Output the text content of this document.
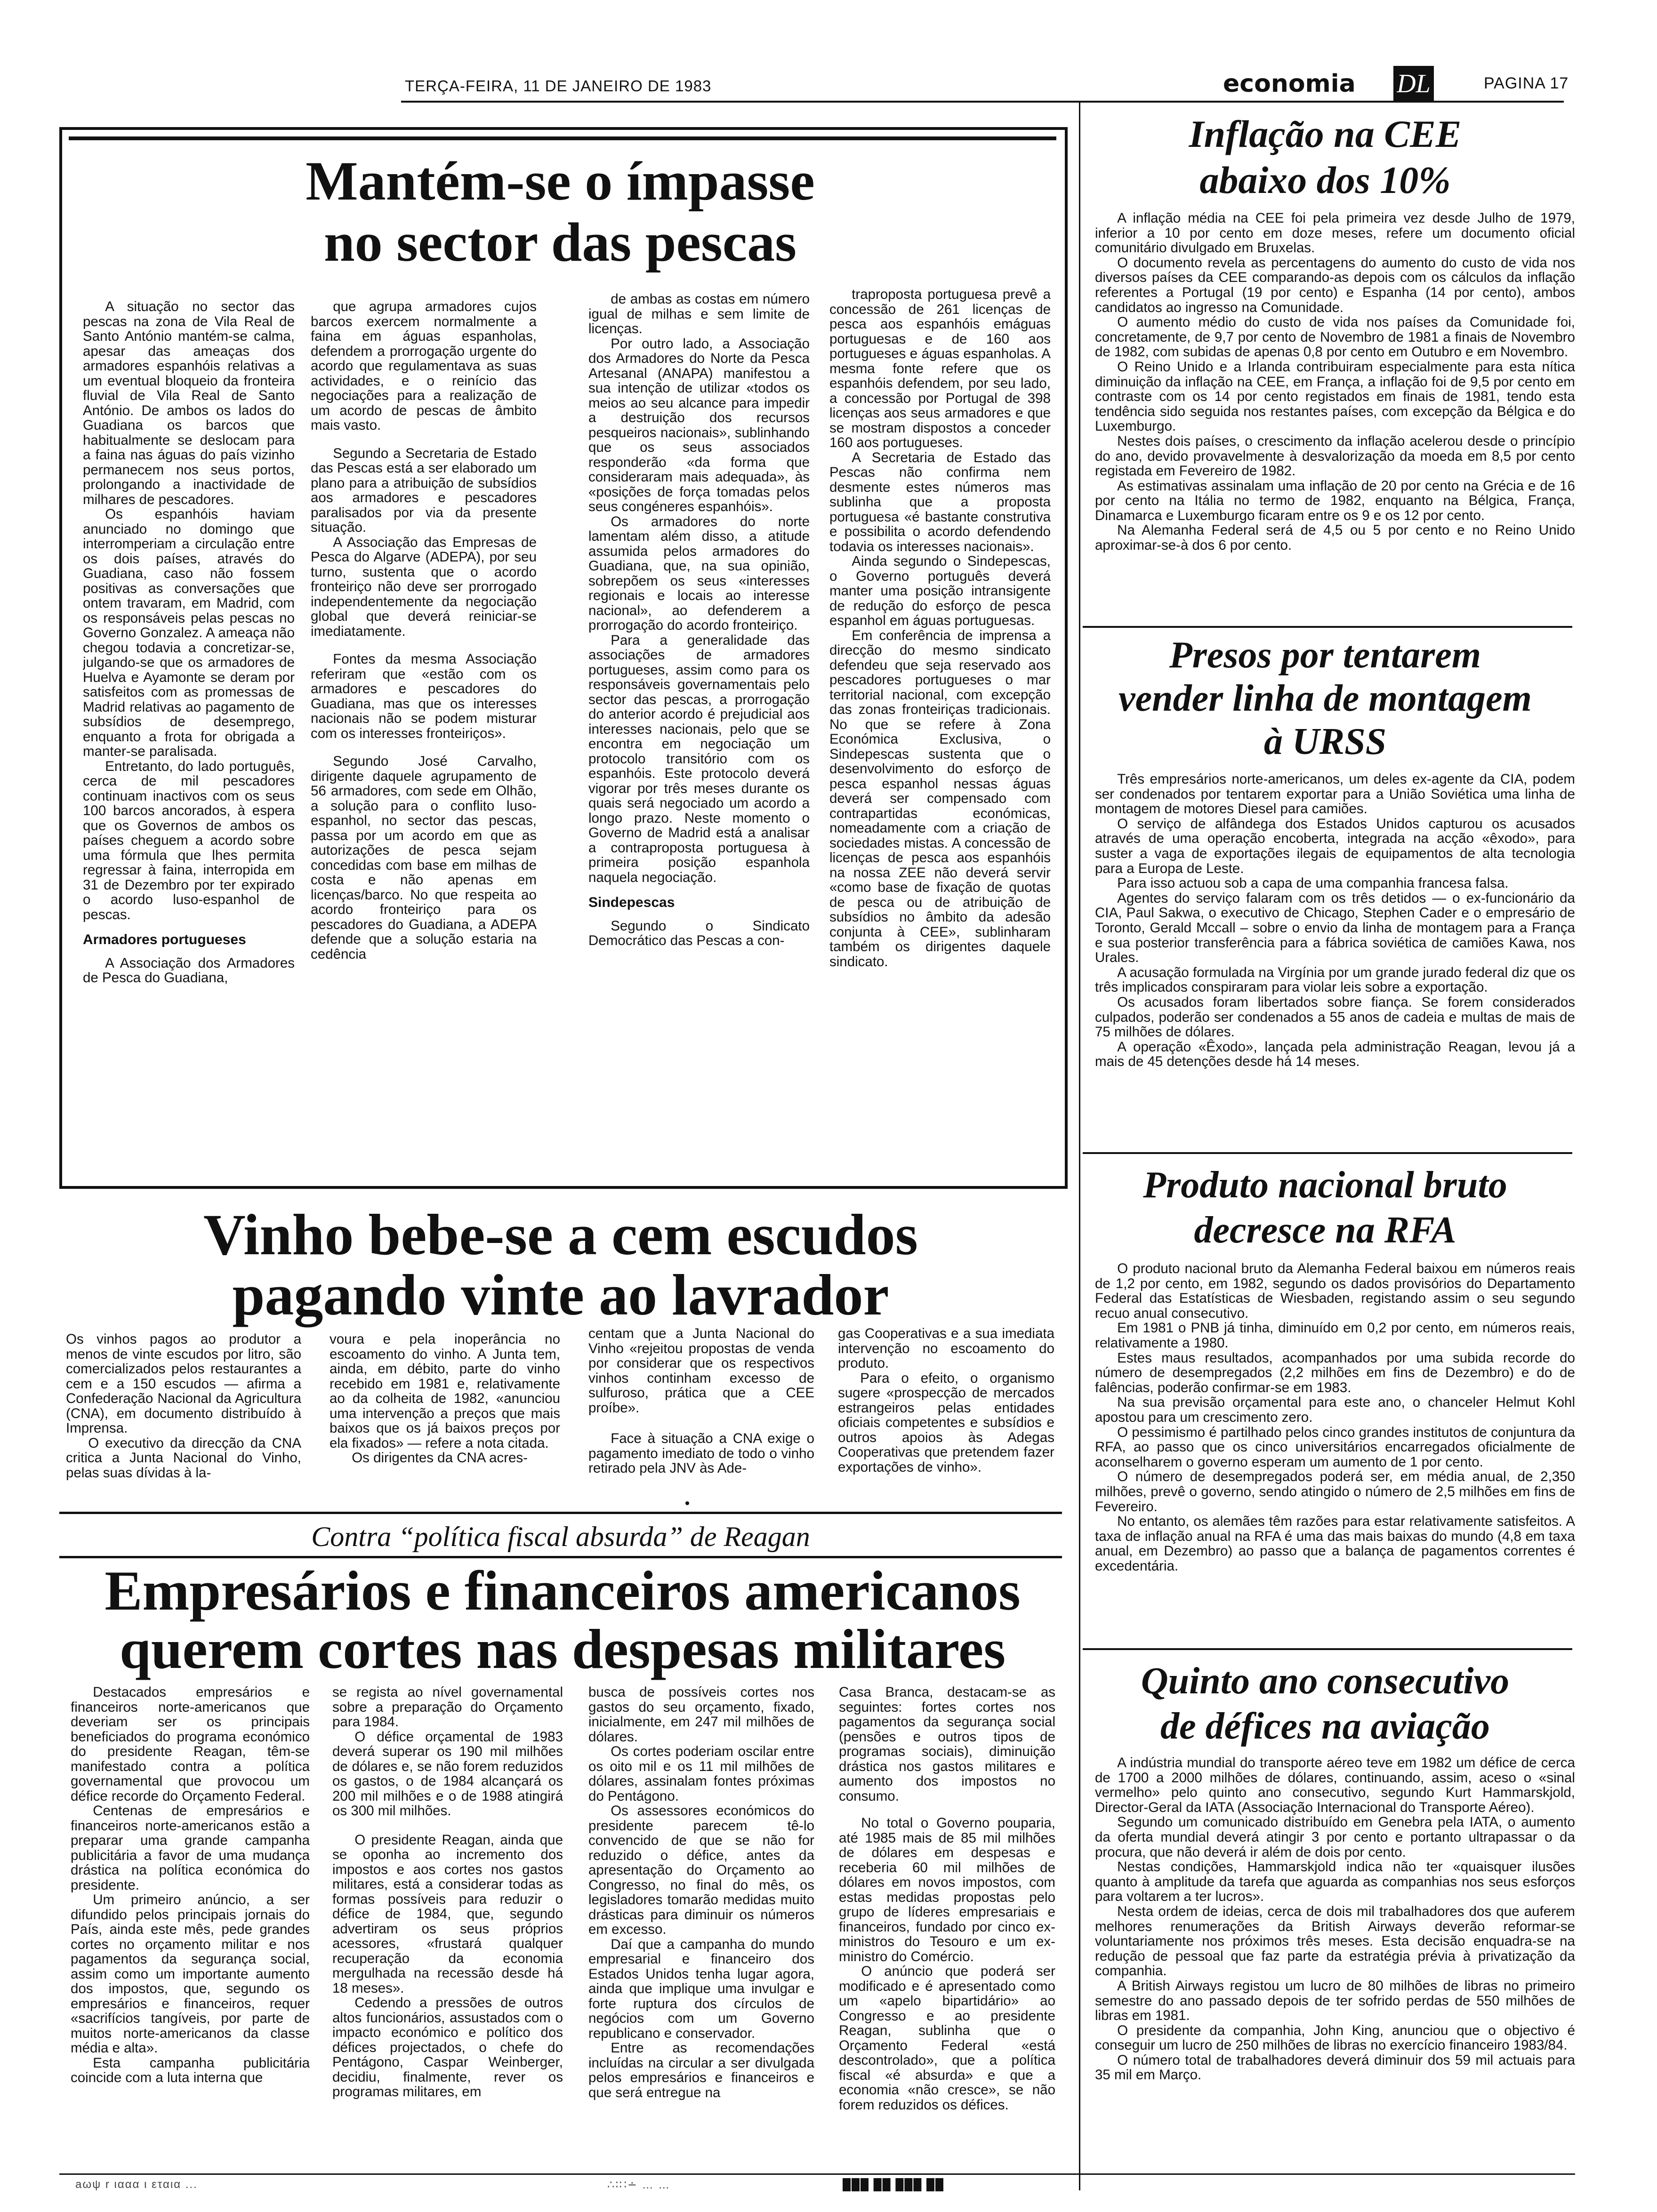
TERÇA-FEIRA, 11 DE JANEIRO DE 1983	economia DL	PAGINA 17
Mantém-se o ímpasse
no sector das pescas

A situação no sector das pescas na zona de Vila Real de Santo António mantém-se calma, apesar das ameaças dos armadores espanhóis relativas a um eventual bloqueio da fronteira fluvial de Vila Real de Santo António. De ambos os lados do Guadiana os barcos que habitualmente se deslocam para a faina nas águas do país vizinho permanecem nos seus portos, prolongando a inactividade de milhares de pescadores.

Os espanhóis haviam anunciado no domingo que interromperiam a circulação entre os dois países, através do Guadiana, caso não fossem positivas as conversações que ontem travaram, em Madrid, com os responsáveis pelas pescas no Governo Gonzalez. A ameaça não chegou todavia a concretizar-se, julgando-se que os armadores de Huelva e Ayamonte se deram por satisfeitos com as promessas de Madrid relativas ao pagamento de subsídios de desemprego, enquanto a frota for obrigada a manter-se paralisada.

Entretanto, do lado português, cerca de mil pescadores continuam inactivos com os seus 100 barcos ancorados, à espera que os Governos de ambos os países cheguem a acordo sobre uma fórmula que lhes permita regressar à faina, interropida em 31 de Dezembro por ter expirado o acordo luso-espanhol de pescas.

Armadores portugueses

A Associação dos Armadores de Pesca do Guadiana,

que agrupa armadores cujos barcos exercem normalmente a faina em águas espanholas, defendem a prorrogação urgente do acordo que regulamentava as suas actividades, e o reinício das negociações para a realização de um acordo de pescas de âmbito mais vasto.

Segundo a Secretaria de Estado das Pescas está a ser elaborado um plano para a atribuição de subsídios aos armadores e pescadores paralisados por via da presente situação.

A Associação das Empresas de Pesca do Algarve (ADEPA), por seu turno, sustenta que o acordo fronteiriço não deve ser prorrogado independentemente da negociação global que deverá reiniciar-se imediatamente.

Fontes da mesma Associação referiram que «estão com os armadores e pescadores do Guadiana, mas que os interesses nacionais não se podem misturar com os interesses fronteiriços».

Segundo José Carvalho, dirigente daquele agrupamento de 56 armadores, com sede em Olhão, a solução para o conflito luso-espanhol, no sector das pescas, passa por um acordo em que as autorizações de pesca sejam concedidas com base em milhas de costa e não apenas em licenças/barco. No que respeita ao acordo fronteiriço para os pescadores do Guadiana, a ADEPA defende que a solução estaria na cedência

de ambas as costas em número igual de milhas e sem limite de licenças.

Por outro lado, a Associação dos Armadores do Norte da Pesca Artesanal (ANAPA) manifestou a sua intenção de utilizar «todos os meios ao seu alcance para impedir a destruição dos recursos pesqueiros nacionais», sublinhando que os seus associados responderão «da forma que consideraram mais adequada», às «posições de força tomadas pelos seus congéneres espanhóis».

Os armadores do norte lamentam além disso, a atitude assumida pelos armadores do Guadiana, que, na sua opinião, sobrepõem os seus «interesses regionais e locais ao interesse nacional», ao defenderem a prorrogação do acordo fronteiriço.

Para a generalidade das associações de armadores portugueses, assim como para os responsáveis governamentais pelo sector das pescas, a prorrogação do anterior acordo é prejudicial aos interesses nacionais, pelo que se encontra em negociação um protocolo transitório com os espanhóis. Este protocolo deverá vigorar por três meses durante os quais será negociado um acordo a longo prazo. Neste momento o Governo de Madrid está a analisar a contraproposta portuguesa à primeira posição espanhola naquela negociação.

Sindepescas

Segundo o Sindicato Democrático das Pescas a con-

traproposta portuguesa prevê a concessão de 261 licenças de pesca aos espanhóis emáguas portuguesas e de 160 aos portugueses e águas espanholas. A mesma fonte refere que os espanhóis defendem, por seu lado, a concessão por Portugal de 398 licenças aos seus armadores e que se mostram dispostos a conceder 160 aos portugueses.

A Secretaria de Estado das Pescas não confirma nem desmente estes números mas sublinha que a proposta portuguesa «é bastante construtiva e possibilita o acordo defendendo todavia os interesses nacionais».

Ainda segundo o Sindepescas, o Governo português deverá manter uma posição intransigente de redução do esforço de pesca espanhol em águas portuguesas.

Em conferência de imprensa a direcção do mesmo sindicato defendeu que seja reservado aos pescadores portugueses o mar territorial nacional, com excepção das zonas fronteiriças tradicionais. No que se refere à Zona Económica Exclusiva, o Sindepescas sustenta que o desenvolvimento do esforço de pesca espanhol nessas águas deverá ser compensado com contrapartidas económicas, nomeadamente com a criação de sociedades mistas. A concessão de licenças de pesca aos espanhóis na nossa ZEE não deverá servir «como base de fixação de quotas de pesca ou de atribuição de subsídios no âmbito da adesão conjunta à CEE», sublinharam também os dirigentes daquele sindicato.

Vinho bebe-se a cem escudos
pagando vinte ao lavrador

Os vinhos pagos ao produtor a menos de vinte escudos por litro, são comercializados pelos restaurantes a cem e a 150 escudos — afirma a Confederação Nacional da Agricultura (CNA), em documento distribuído à Imprensa.

O executivo da direcção da CNA critica a Junta Nacional do Vinho, pelas suas dívidas à la-

voura e pela inoperância no escoamento do vinho. A Junta tem, ainda, em débito, parte do vinho recebido em 1981 e, relativamente ao da colheita de 1982, «anunciou uma intervenção a preços que mais baixos que os já baixos preços por ela fixados» — refere a nota citada.

Os dirigentes da CNA acres-

centam que a Junta Nacional do Vinho «rejeitou propostas de venda por considerar que os respectivos vinhos continham excesso de sulfuroso, prática que a CEE proíbe».

Face à situação a CNA exige o pagamento imediato de todo o vinho retirado pela JNV às Ade-

gas Cooperativas e a sua imediata intervenção no escoamento do produto.

Para o efeito, o organismo sugere «prospecção de mercados estrangeiros pelas entidades oficiais competentes e subsídios e outros apoios às Adegas Cooperativas que pretendem fazer exportações de vinho».

Contra “política fiscal absurda” de Reagan
Empresários e financeiros americanos
querem cortes nas despesas militares

Destacados empresários e financeiros norte-americanos que deveriam ser os principais beneficiados do programa económico do presidente Reagan, têm-se manifestado contra a política governamental que provocou um défice recorde do Orçamento Federal.

Centenas de empresários e financeiros norte-americanos estão a preparar uma grande campanha publicitária a favor de uma mudança drástica na política económica do presidente.

Um primeiro anúncio, a ser difundido pelos principais jornais do País, ainda este mês, pede grandes cortes no orçamento militar e nos pagamentos da segurança social, assim como um importante aumento dos impostos, que, segundo os empresários e financeiros, requer «sacrifícios tangíveis, por parte de muitos norte-americanos da classe média e alta».

Esta campanha publicitária coincide com a luta interna que

se regista ao nível governamental sobre a preparação do Orçamento para 1984.

O défice orçamental de 1983 deverá superar os 190 mil milhões de dólares e, se não forem reduzidos os gastos, o de 1984 alcançará os 200 mil milhões e o de 1988 atingirá os 300 mil milhões.

O presidente Reagan, ainda que se oponha ao incremento dos impostos e aos cortes nos gastos militares, está a considerar todas as formas possíveis para reduzir o défice de 1984, que, segundo advertiram os seus próprios acessores, «frustará qualquer recuperação da economia mergulhada na recessão desde há 18 meses».

Cedendo a pressões de outros altos funcionários, assustados com o impacto económico e político dos défices projectados, o chefe do Pentágono, Caspar Weinberger, decidiu, finalmente, rever os programas militares, em

busca de possíveis cortes nos gastos do seu orçamento, fixado, inicialmente, em 247 mil milhões de dólares.

Os cortes poderiam oscilar entre os oito mil e os 11 mil milhões de dólares, assinalam fontes próximas do Pentágono.

Os assessores económicos do presidente parecem tê-lo convencido de que se não for reduzido o défice, antes da apresentação do Orçamento ao Congresso, no final do mês, os legisladores tomarão medidas muito drásticas para diminuir os números em excesso.

Daí que a campanha do mundo empresarial e financeiro dos Estados Unidos tenha lugar agora, ainda que implique uma invulgar e forte ruptura dos círculos de negócios com um Governo republicano e conservador.

Entre as recomendações incluídas na circular a ser divulgada pelos empresários e financeiros e que será entregue na

Casa Branca, destacam-se as seguintes: fortes cortes nos pagamentos da segurança social (pensões e outros tipos de programas sociais), diminuição drástica nos gastos militares e aumento dos impostos no consumo.

No total o Governo pouparia, até 1985 mais de 85 mil milhões de dólares em despesas e receberia 60 mil milhões de dólares em novos impostos, com estas medidas propostas pelo grupo de líderes empresariais e financeiros, fundado por cinco ex-ministros do Tesouro e um ex-ministro do Comércio.

O anúncio que poderá ser modificado e é apresentado como um «apelo bipartidário» ao Congresso e ao presidente Reagan, sublinha que o Orçamento Federal «está descontrolado», que a política fiscal «é absurda» e que a economia «não cresce», se não forem reduzidos os défices.

Inflação na CEE
abaixo dos 10%

A inflação média na CEE foi pela primeira vez desde Julho de 1979, inferior a 10 por cento em doze meses, refere um documento oficial comunitário divulgado em Bruxelas.

O documento revela as percentagens do aumento do custo de vida nos diversos países da CEE comparando-as depois com os cálculos da inflação referentes a Portugal (19 por cento) e Espanha (14 por cento), ambos candidatos ao ingresso na Comunidade.

O aumento médio do custo de vida nos países da Comunidade foi, concretamente, de 9,7 por cento de Novembro de 1981 a finais de Novembro de 1982, com subidas de apenas 0,8 por cento em Outubro e em Novembro.

O Reino Unido e a Irlanda contribuiram especialmente para esta nítica diminuição da inflação na CEE, em França, a inflação foi de 9,5 por cento em contraste com os 14 por cento registados em finais de 1981, tendo esta tendência sido seguida nos restantes países, com excepção da Bélgica e do Luxemburgo.

Nestes dois países, o crescimento da inflação acelerou desde o princípio do ano, devido provavelmente à desvalorização da moeda em 8,5 por cento registada em Fevereiro de 1982.

As estimativas assinalam uma inflação de 20 por cento na Grécia e de 16 por cento na Itália no termo de 1982, enquanto na Bélgica, França, Dinamarca e Luxemburgo ficaram entre os 9 e os 12 por cento.

Na Alemanha Federal será de 4,5 ou 5 por cento e no Reino Unido aproximar-se-à dos 6 por cento.

Presos por tentarem
vender linha de montagem
à URSS

Três empresários norte-americanos, um deles ex-agente da CIA, podem ser condenados por tentarem exportar para a União Soviética uma linha de montagem de motores Diesel para camiões.

O serviço de alfândega dos Estados Unidos capturou os acusados através de uma operação encoberta, integrada na acção «êxodo», para suster a vaga de exportações ilegais de equipamentos de alta tecnologia para a Europa de Leste.

Para isso actuou sob a capa de uma companhia francesa falsa.

Agentes do serviço falaram com os três detidos — o ex-funcionário da CIA, Paul Sakwa, o executivo de Chicago, Stephen Cader e o empresário de Toronto, Gerald Mccall – sobre o envio da linha de montagem para a França e sua posterior transferência para a fábrica soviética de camiões Kawa, nos Urales.

A acusação formulada na Virgínia por um grande jurado federal diz que os três implicados conspiraram para violar leis sobre a exportação.

Os acusados foram libertados sobre fiança. Se forem considerados culpados, poderão ser condenados a 55 anos de cadeia e multas de mais de 75 milhões de dólares.

A operação «Êxodo», lançada pela administração Reagan, levou já a mais de 45 detenções desde há 14 meses.

Produto nacional bruto
decresce na RFA

O produto nacional bruto da Alemanha Federal baixou em números reais de 1,2 por cento, em 1982, segundo os dados provisórios do Departamento Federal das Estatísticas de Wiesbaden, registando assim o seu segundo recuo anual consecutivo.

Em 1981 o PNB já tinha, diminuído em 0,2 por cento, em números reais, relativamente a 1980.

Estes maus resultados, acompanhados por uma subida recorde do número de desempregados (2,2 milhões em fins de Dezembro) e do de falências, poderão confirmar-se em 1983.

Na sua previsão orçamental para este ano, o chanceler Helmut Kohl apostou para um crescimento zero.

O pessimismo é partilhado pelos cinco grandes institutos de conjuntura da RFA, ao passo que os cinco universitários encarregados oficialmente de aconselharem o governo esperam um aumento de 1 por cento.

O número de desempregados poderá ser, em média anual, de 2,350 milhões, prevê o governo, sendo atingido o número de 2,5 milhões em fins de Fevereiro.

No entanto, os alemães têm razões para estar relativamente satisfeitos. A taxa de inflação anual na RFA é uma das mais baixas do mundo (4,8 em taxa anual, em Dezembro) ao passo que a balança de pagamentos correntes é excedentária.

Quinto ano consecutivo
de défices na aviação

A indústria mundial do transporte aéreo teve em 1982 um défice de cerca de 1700 a 2000 milhões de dólares, continuando, assim, aceso o «sinal vermelho» pelo quinto ano consecutivo, segundo Kurt Hammarskjold, Director-Geral da IATA (Associação Internacional do Transporte Aéreo).

Segundo um comunicado distribuído em Genebra pela IATA, o aumento da oferta mundial deverá atingir 3 por cento e portanto ultrapassar o da procura, que não deverá ir além de dois por cento.

Nestas condições, Hammarskjold indica não ter «quaisquer ilusões quanto à amplitude da tarefa que aguarda as companhias nos seus esforços para voltarem a ter lucros».

Nesta ordem de ideias, cerca de dois mil trabalhadores dos que auferem melhores renumerações da British Airways deverão reformar-se voluntariamente nos próximos três meses. Esta decisão enquadra-se na redução de pessoal que faz parte da estratégia prévia à privatização da companhia.

A British Airways registou um lucro de 80 milhões de libras no primeiro semestre do ano passado depois de ter sofrido perdas de 550 milhões de libras em 1981.

O presidente da companhia, John King, anunciou que o objectivo é conseguir um lucro de 250 milhões de libras no exercício financeiro 1983/84.

O número total de trabalhadores deverá diminuir dos 59 mil actuais para 35 mil em Março.

aωψ r ιααα ι εταια ...	∴∶∷∸ … …	███ ██ ███ ██
